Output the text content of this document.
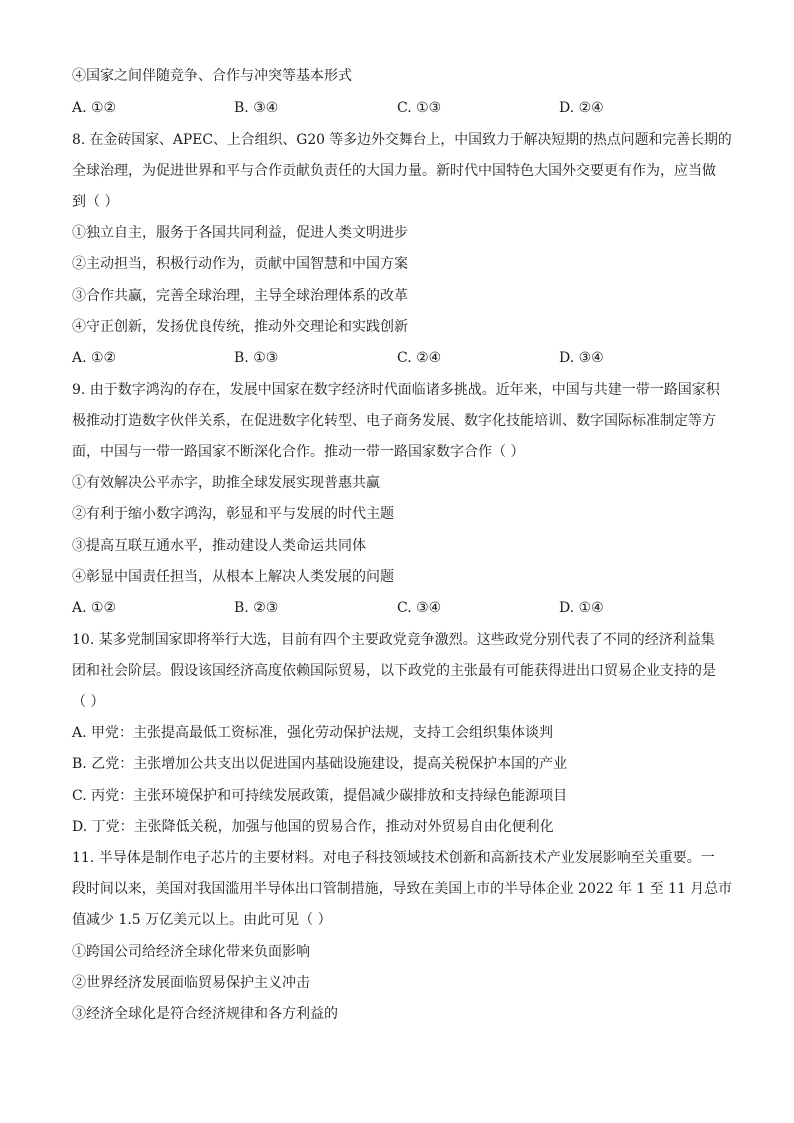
④国家之间伴随竞争、合作与冲突等基本形式
A. ①②	B. ③④	C. ①③	D. ②④
8. 在金砖国家、APEC、上合组织、G20 等多边外交舞台上，中国致力于解决短期的热点问题和完善长期的
全球治理，为促进世界和平与合作贡献负责任的大国力量。新时代中国特色大国外交要更有作为，应当做
到（ ）
①独立自主，服务于各国共同利益，促进人类文明进步
②主动担当，积极行动作为，贡献中国智慧和中国方案
③合作共赢，完善全球治理，主导全球治理体系的改革
④守正创新，发扬优良传统，推动外交理论和实践创新
A. ①②	B. ①③	C. ②④	D. ③④
9. 由于数字鸿沟的存在，发展中国家在数字经济时代面临诸多挑战。近年来，中国与共建一带一路国家积
极推动打造数字伙伴关系，在促进数字化转型、电子商务发展、数字化技能培训、数字国际标准制定等方
面，中国与一带一路国家不断深化合作。推动一带一路国家数字合作（ ）
①有效解决公平赤字，助推全球发展实现普惠共赢
②有利于缩小数字鸿沟，彰显和平与发展的时代主题
③提高互联互通水平，推动建设人类命运共同体
④彰显中国责任担当，从根本上解决人类发展的问题
A. ①②	B. ②③	C. ③④	D. ①④
10. 某多党制国家即将举行大选，目前有四个主要政党竞争激烈。这些政党分别代表了不同的经济利益集
团和社会阶层。假设该国经济高度依赖国际贸易，以下政党的主张最有可能获得进出口贸易企业支持的是
（ ）
A. 甲党：主张提高最低工资标准，强化劳动保护法规，支持工会组织集体谈判
B. 乙党：主张增加公共支出以促进国内基础设施建设，提高关税保护本国的产业
C. 丙党：主张环境保护和可持续发展政策，提倡减少碳排放和支持绿色能源项目
D. 丁党：主张降低关税，加强与他国的贸易合作，推动对外贸易自由化便利化
11. 半导体是制作电子芯片的主要材料。对电子科技领域技术创新和高新技术产业发展影响至关重要。一
段时间以来，美国对我国滥用半导体出口管制措施，导致在美国上市的半导体企业 2022 年 1 至 11 月总市
值减少 1.5 万亿美元以上。由此可见（ ）
①跨国公司给经济全球化带来负面影响
②世界经济发展面临贸易保护主义冲击
③经济全球化是符合经济规律和各方利益的
